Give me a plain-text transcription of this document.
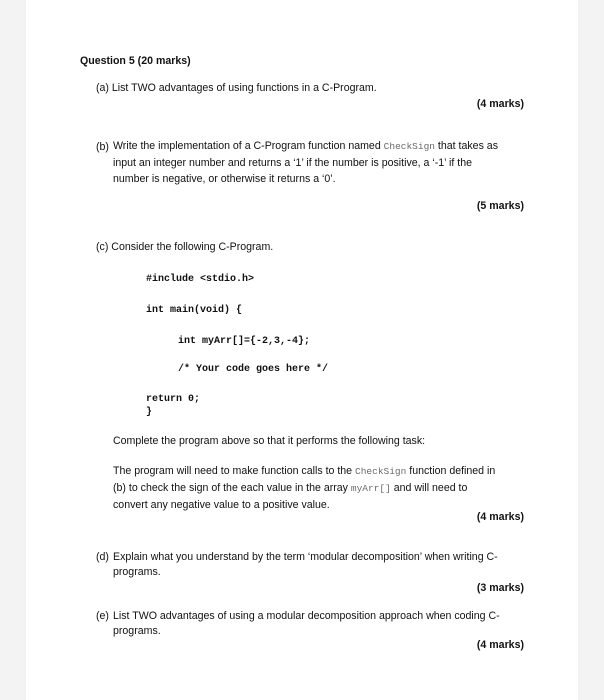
Question 5 (20 marks)
(a) List TWO advantages of using functions in a C-Program.
(4 marks)
(b) Write the implementation of a C-Program function named CheckSign that takes as
input an integer number and returns a ‘1’ if the number is positive, a ‘-1’ if the
number is negative, or otherwise it returns a ‘0’.
(5 marks)
(c) Consider the following C-Program.
#include <stdio.h>
int main(void) {
int myArr[]={-2,3,-4};
/* Your code goes here */
return 0;
}
Complete the program above so that it performs the following task:
The program will need to make function calls to the CheckSign function defined in
(b) to check the sign of the each value in the array myArr[] and will need to
convert any negative value to a positive value.
(4 marks)
(d) Explain what you understand by the term ‘modular decomposition’ when writing C-
programs.
(3 marks)
(e) List TWO advantages of using a modular decomposition approach when coding C-
programs.
(4 marks)
